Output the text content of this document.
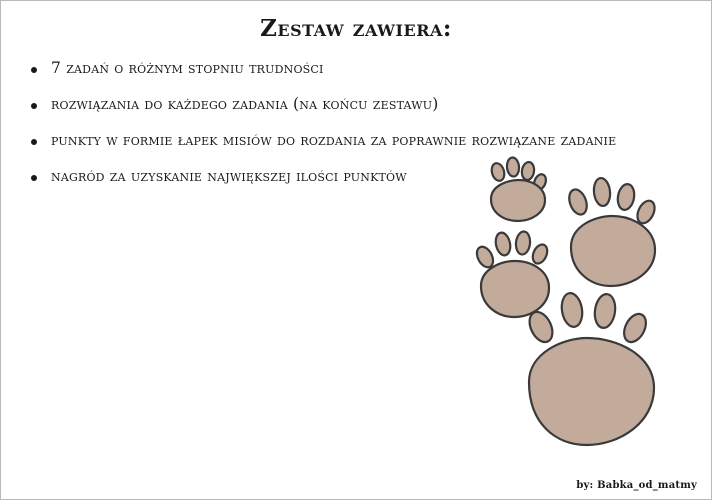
Zestaw zawiera:
7 zadań o różnym stopniu trudności
rozwiązania do każdego zadania (na końcu zestawu)
punkty w formie łapek misiów do rozdania za poprawnie rozwiązane zadanie
nagród za uzyskanie największej ilości punktów
by: Babka_od_matmy
